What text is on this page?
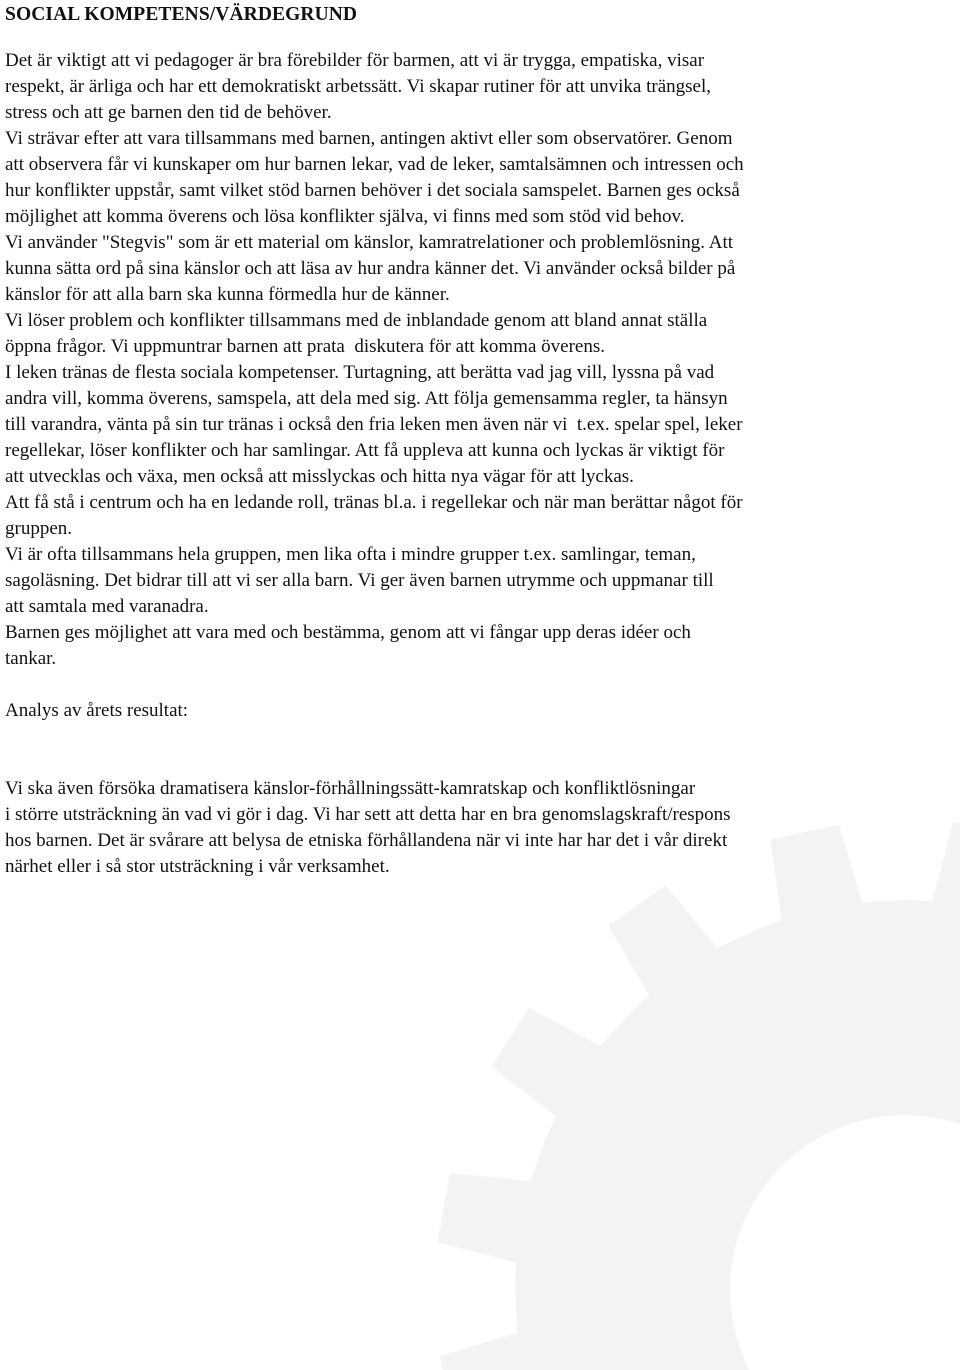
SOCIAL KOMPETENS/VÄRDEGRUND
Det är viktigt att vi pedagoger är bra förebilder för barmen, att vi är trygga, empatiska, visar
respekt, är ärliga och har ett demokratiskt arbetssätt. Vi skapar rutiner för att unvika trängsel,
stress och att ge barnen den tid de behöver.
Vi strävar efter att vara tillsammans med barnen, antingen aktivt eller som observatörer. Genom
att observera får vi kunskaper om hur barnen lekar, vad de leker, samtalsämnen och intressen och
hur konflikter uppstår, samt vilket stöd barnen behöver i det sociala samspelet. Barnen ges också
möjlighet att komma överens och lösa konflikter själva, vi finns med som stöd vid behov.
Vi använder "Stegvis" som är ett material om känslor, kamratrelationer och problemlösning. Att
kunna sätta ord på sina känslor och att läsa av hur andra känner det. Vi använder också bilder på
känslor för att alla barn ska kunna förmedla hur de känner.
Vi löser problem och konflikter tillsammans med de inblandade genom att bland annat ställa
öppna frågor. Vi uppmuntrar barnen att prata  diskutera för att komma överens.
I leken tränas de flesta sociala kompetenser. Turtagning, att berätta vad jag vill, lyssna på vad
andra vill, komma överens, samspela, att dela med sig. Att följa gemensamma regler, ta hänsyn
till varandra, vänta på sin tur tränas i också den fria leken men även när vi  t.ex. spelar spel, leker
regellekar, löser konflikter och har samlingar. Att få uppleva att kunna och lyckas är viktigt för
att utvecklas och växa, men också att misslyckas och hitta nya vägar för att lyckas.
Att få stå i centrum och ha en ledande roll, tränas bl.a. i regellekar och när man berättar något för
gruppen.
Vi är ofta tillsammans hela gruppen, men lika ofta i mindre grupper t.ex. samlingar, teman,
sagoläsning. Det bidrar till att vi ser alla barn. Vi ger även barnen utrymme och uppmanar till
att samtala med varanadra.
Barnen ges möjlighet att vara med och bestämma, genom att vi fångar upp deras idéer och
tankar.
Analys av årets resultat:
Vi ska även försöka dramatisera känslor-förhållningssätt-kamratskap och konfliktlösningar
i större utsträckning än vad vi gör i dag. Vi har sett att detta har en bra genomslagskraft/respons
hos barnen. Det är svårare att belysa de etniska förhållandena när vi inte har har det i vår direkt
närhet eller i så stor utsträckning i vår verksamhet.
